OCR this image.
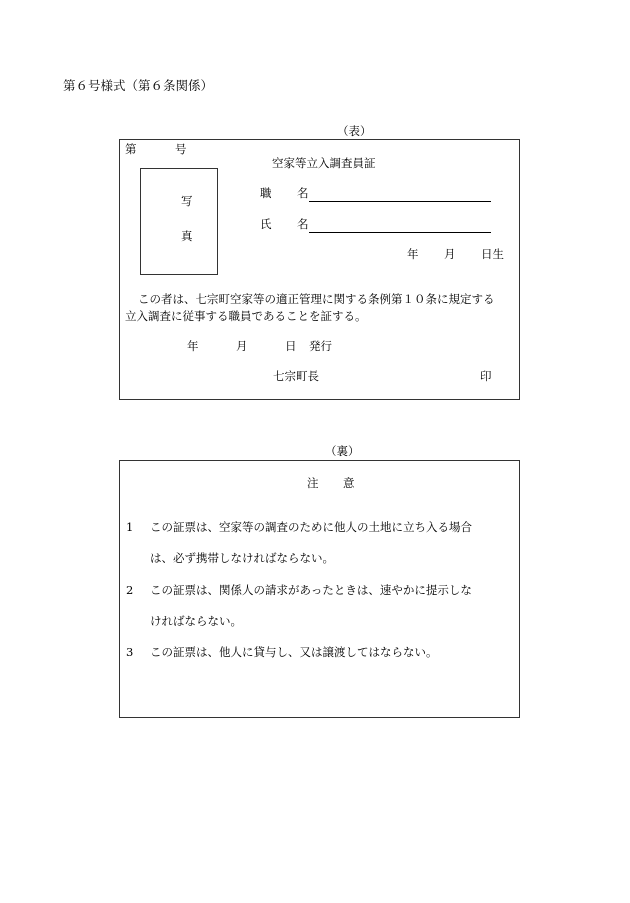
第６号様式（第６条関係）
（表）
第	号
写
真
空家等立入調査員証
職 名
氏 名
年 月 日生
この者は、七宗町空家等の適正管理に関する条例第１０条に規定する
立入調査に従事する職員であることを証する。
年	月	日 発行
七宗町長	印
（裏）
注 意
1 この証票は、空家等の調査のために他人の土地に立ち入る場合
は、必ず携帯しなければならない。
2 この証票は、関係人の請求があったときは、速やかに提示しな
ければならない。
3 この証票は、他人に貸与し、又は譲渡してはならない。
